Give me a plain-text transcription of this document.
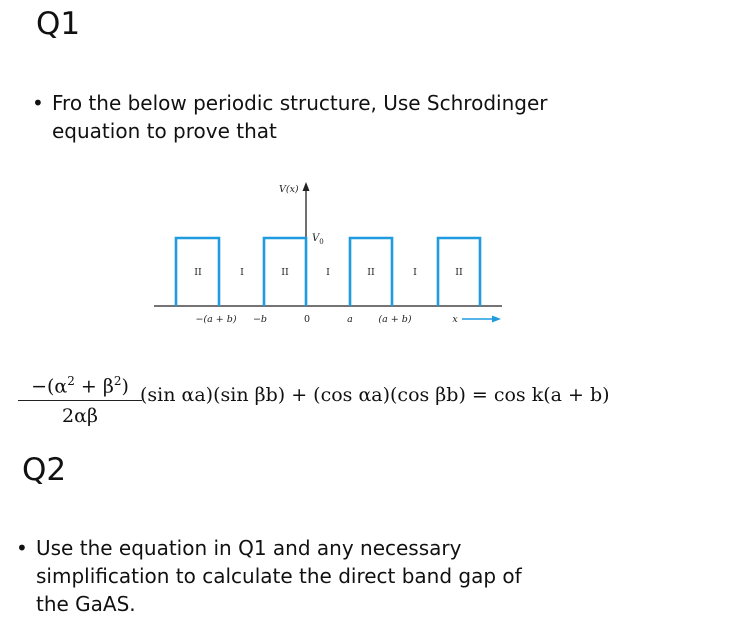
Q1
• Fro the below periodic structure, Use Schrodinger
equation to prove that
V(x)
$V_0$
II	I	II	I	II	I	II
−(a + b) −b	0	a	(a + b)	x
$-(\alpha^2 + \beta^2)$
2αβ
(sin αa)(sin βb) + (cos αa)(cos βb) = cos k(a + b)
Q2
• Use the equation in Q1 and any necessary
simplification to calculate the direct band gap of
the GaAS.
